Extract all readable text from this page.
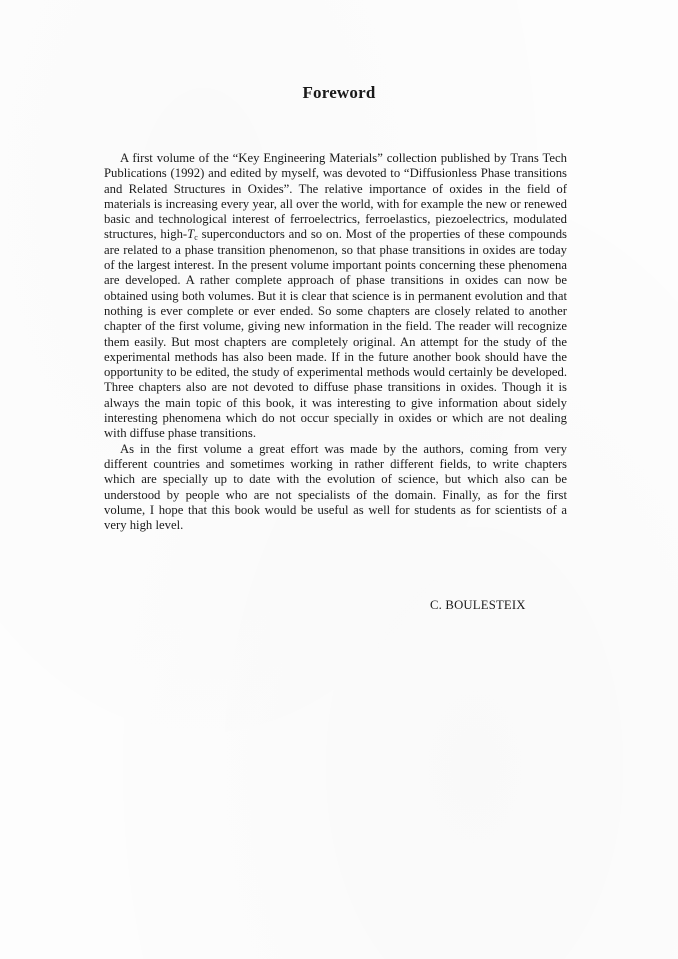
Foreword

A first volume of the “Key Engineering Materials” collection published by Trans Tech Publications (1992) and edited by myself, was devoted to “Diffusionless Phase transitions and Related Structures in Oxides”. The relative importance of oxides in the field of materials is increasing every year, all over the world, with for example the new or renewed basic and technological interest of ferroelectrics, ferroelastics, piezoelectrics, modulated structures, high-$T_c$ superconductors and so on. Most of the properties of these compounds are related to a phase transition phenomenon, so that phase transitions in oxides are today of the largest interest. In the present volume important points concerning these phenomena are developed. A rather complete approach of phase transitions in oxides can now be obtained using both volumes. But it is clear that science is in permanent evolution and that nothing is ever complete or ever ended. So some chapters are closely related to another chapter of the first volume, giving new information in the field. The reader will recognize them easily. But most chapters are completely original. An attempt for the study of the experimental methods has also been made. If in the future another book should have the opportunity to be edited, the study of experimental methods would certainly be developed. Three chapters also are not devoted to diffuse phase transitions in oxides. Though it is always the main topic of this book, it was interesting to give information about sidely interesting phenomena which do not occur specially in oxides or which are not dealing with diffuse phase transitions.

As in the first volume a great effort was made by the authors, coming from very different countries and sometimes working in rather different fields, to write chapters which are specially up to date with the evolution of science, but which also can be understood by people who are not specialists of the domain. Finally, as for the first volume, I hope that this book would be useful as well for students as for scientists of a very high level.

C. BOULESTEIX
